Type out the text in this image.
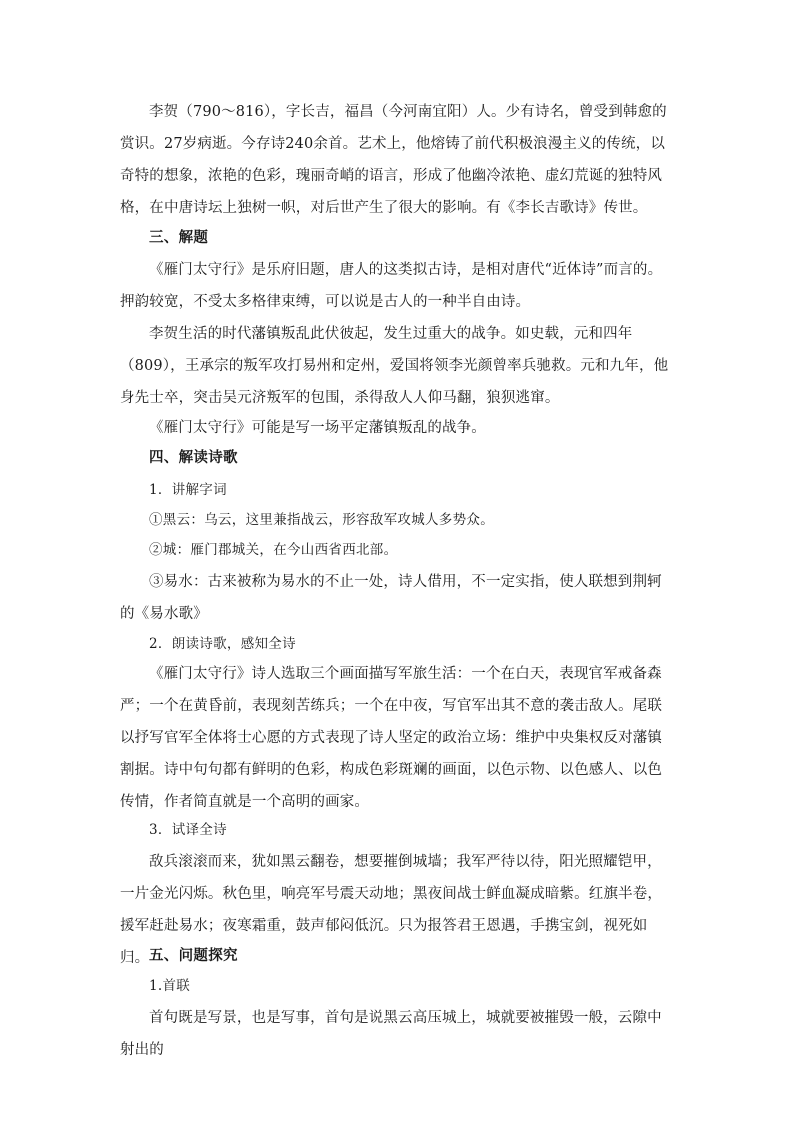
李贺（790～816），字长吉，福昌（今河南宜阳）人。少有诗名，曾受到韩愈的赏识。27岁病逝。今存诗240余首。艺术上，他熔铸了前代积极浪漫主义的传统，以奇特的想象，浓艳的色彩，瑰丽奇峭的语言，形成了他幽冷浓艳、虚幻荒诞的独特风格，在中唐诗坛上独树一帜，对后世产生了很大的影响。有《李长吉歌诗》传世。

三、解题

《雁门太守行》是乐府旧题，唐人的这类拟古诗，是相对唐代“近体诗”而言的。押韵较宽，不受太多格律束缚，可以说是古人的一种半自由诗。

李贺生活的时代藩镇叛乱此伏彼起，发生过重大的战争。如史载，元和四年（809），王承宗的叛军攻打易州和定州，爱国将领李光颜曾率兵驰救。元和九年，他身先士卒，突击吴元济叛军的包围，杀得敌人人仰马翻，狼狈逃窜。

《雁门太守行》可能是写一场平定藩镇叛乱的战争。

四、解读诗歌

1．讲解字词

①黑云：乌云，这里兼指战云，形容敌军攻城人多势众。

②城：雁门郡城关，在今山西省西北部。

③易水：古来被称为易水的不止一处，诗人借用，不一定实指，使人联想到荆轲的《易水歌》

2．朗读诗歌，感知全诗

《雁门太守行》诗人选取三个画面描写军旅生活：一个在白天，表现官军戒备森严；一个在黄昏前，表现刻苦练兵；一个在中夜，写官军出其不意的袭击敌人。尾联以抒写官军全体将士心愿的方式表现了诗人坚定的政治立场：维护中央集权反对藩镇割据。诗中句句都有鲜明的色彩，构成色彩斑斓的画面，以色示物、以色感人、以色传情，作者简直就是一个高明的画家。

3．试译全诗

敌兵滚滚而来，犹如黑云翻卷，想要摧倒城墙；我军严待以待，阳光照耀铠甲，一片金光闪烁。秋色里，响亮军号震天动地；黑夜间战士鲜血凝成暗紫。红旗半卷，援军赶赴易水；夜寒霜重，鼓声郁闷低沉。只为报答君王恩遇，手携宝剑，视死如归。 五、问题探究

1.首联

首句既是写景，也是写事，首句是说黑云高压城上，城就要被摧毁一般，云隙中射出的
